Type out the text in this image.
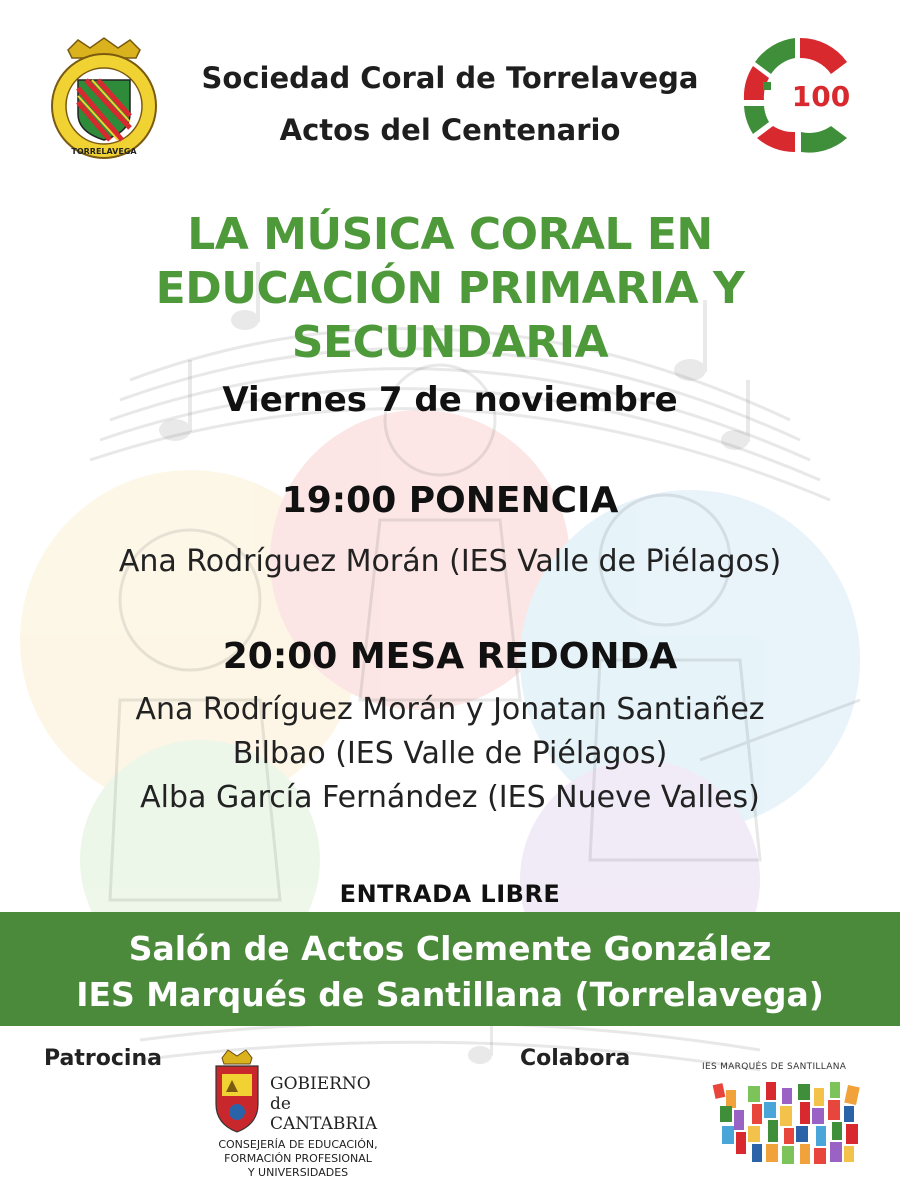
TORRELAVEGA
100
Sociedad Coral de Torrelavega
Actos del Centenario
LA MÚSICA CORAL EN
EDUCACIÓN PRIMARIA Y
SECUNDARIA
Viernes 7 de noviembre
19:00 PONENCIA
Ana Rodríguez Morán (IES Valle de Piélagos)
20:00 MESA REDONDA
Ana Rodríguez Morán y Jonatan Santiañez
Bilbao (IES Valle de Piélagos)
Alba García Fernández (IES Nueve Valles)
ENTRADA LIBRE
Salón de Actos Clemente González
IES Marqués de Santillana (Torrelavega)
Patrocina	Colabora
GOBIERNO
de
CANTABRIA
CONSEJERÍA DE EDUCACIÓN,
FORMACIÓN PROFESIONAL
Y UNIVERSIDADES
IES MARQUÉS DE SANTILLANA
